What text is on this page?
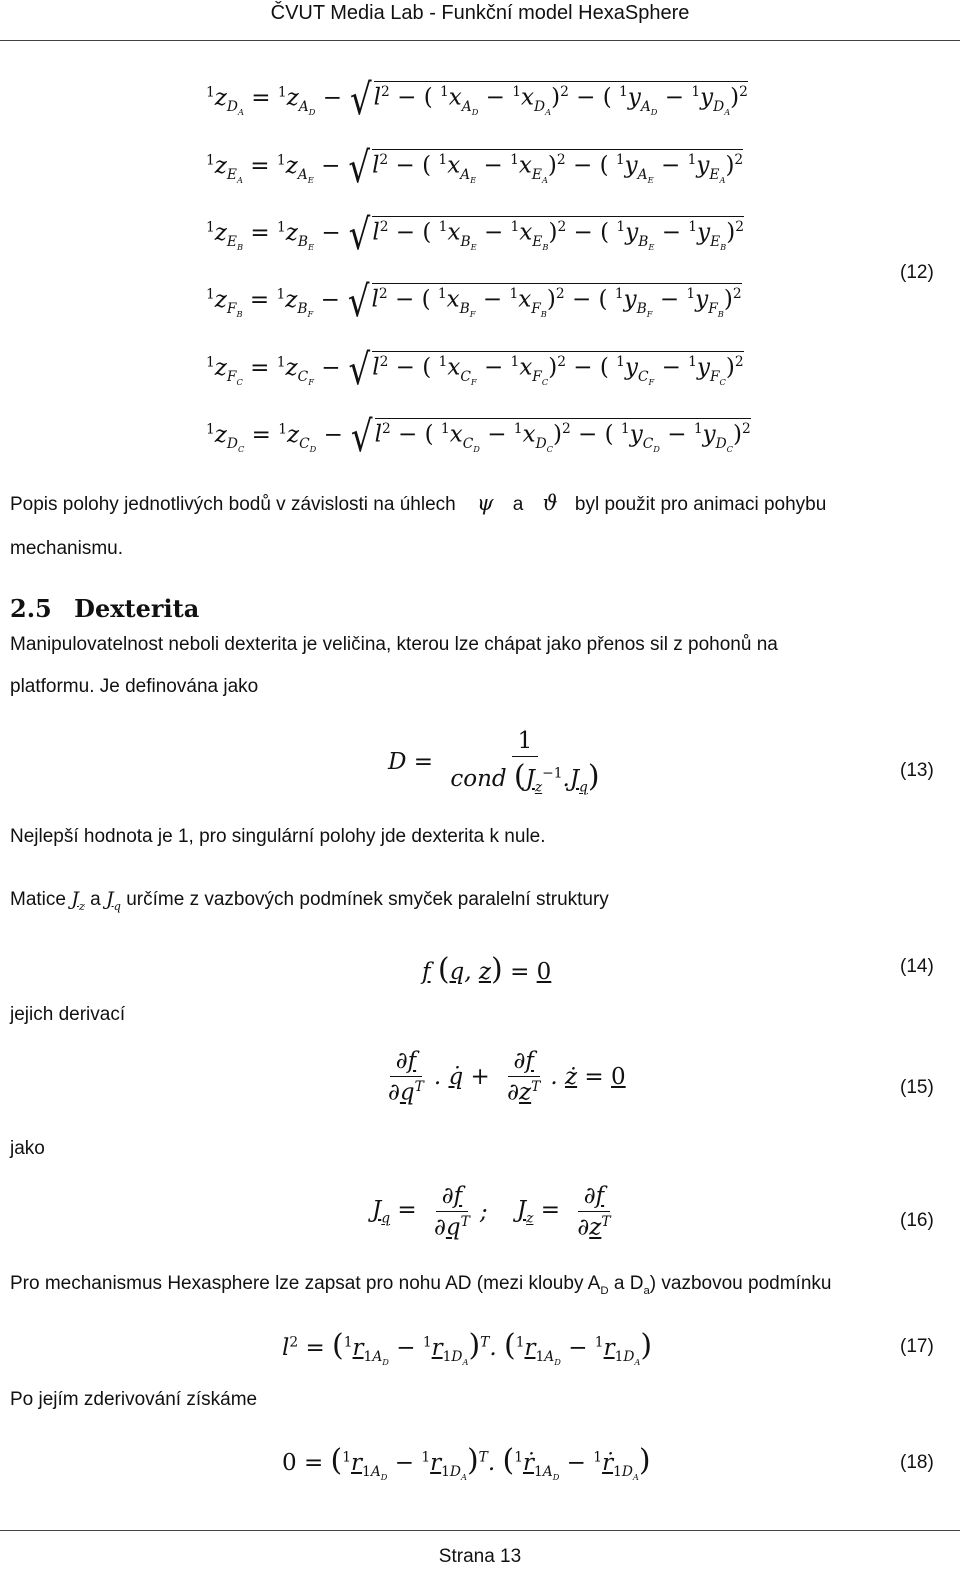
ČVUT Media Lab - Funkční model HexaSphere
$^1z_{D_A} = ^1z_{A_D} - √l^2$ − ( $^1x_{A_D} - ^1x_{D_A})^2$ − ( $^1y_{A_D} - ^1y_{D_A})^2$
$^1z_{E_A} = ^1z_{A_E} - √l^2$ − ( $^1x_{A_E} - ^1x_{E_A})^2$ − ( $^1y_{A_E} - ^1y_{E_A})^2$
$^1z_{E_B} = ^1z_{B_E} - √l^2$ − ( $^1x_{B_E} - ^1x_{E_B})^2$ − ( $^1y_{B_E} - ^1y_{E_B})^2$
$^1z_{F_B} = ^1z_{B_F} - √l^2$ − ( $^1x_{B_F} - ^1x_{F_B})^2$ − ( $^1y_{B_F} - ^1y_{F_B})^2$
$^1z_{F_C} = ^1z_{C_F} - √l^2$ − ( $^1x_{C_F} - ^1x_{F_C})^2$ − ( $^1y_{C_F} - ^1y_{F_C})^2$
$^1z_{D_C} = ^1z_{C_D} - √l^2$ − ( $^1x_{C_D} - ^1x_{D_C})^2$ − ( $^1y_{C_D} - ^1y_{D_C})^2$
(12)
Popis polohy jednotlivých bodů v závislosti na úhlech ψ a ϑ byl použit pro animaci pohybu
mechanismu.
2.5 Dexterita
Manipulovatelnost neboli dexterita je veličina, kterou lze chápat jako přenos sil z pohonů na
platformu. Je definována jako
$D = \frac{1}{cond (J_z^{-1}.J_q)}$	(13)
Nejlepší hodnota je 1, pro singulární polohy jde dexterita k nule.
Matice $J_z$ a $J_q$ určíme z vazbových podmínek smyček paralelní struktury
f (q, z) = 0	(14)
jejich derivací
$\frac{\partial f}{\partial q^T}$ . q̇ + $\frac{\partial f}{\partial z^T}$ . ż = 0	(15)
jako
$J_q = \frac{\partial f}{\partial q^T}$ ; $J_z = \frac{\partial f}{\partial z^T}$	(16)
Pro mechanismus Hexasphere lze zapsat pro nohu AD (mezi klouby $A_D$ a $D_a$) vazbovou podmínku
$l^2 = (^1r_{1A_D} - ^1r_{1D_A})^T$. $(^1r_{1A_D} - ^1r_{1D_A})$	(17)
Po jejím zderivování získáme
$0 = (^1r_{1A_D} - ^1r_{1D_A})^T$. ($^1$ṙ$_{1A_D}$ − $^1$ṙ$_{1D_A}$)	(18)
Strana 13
